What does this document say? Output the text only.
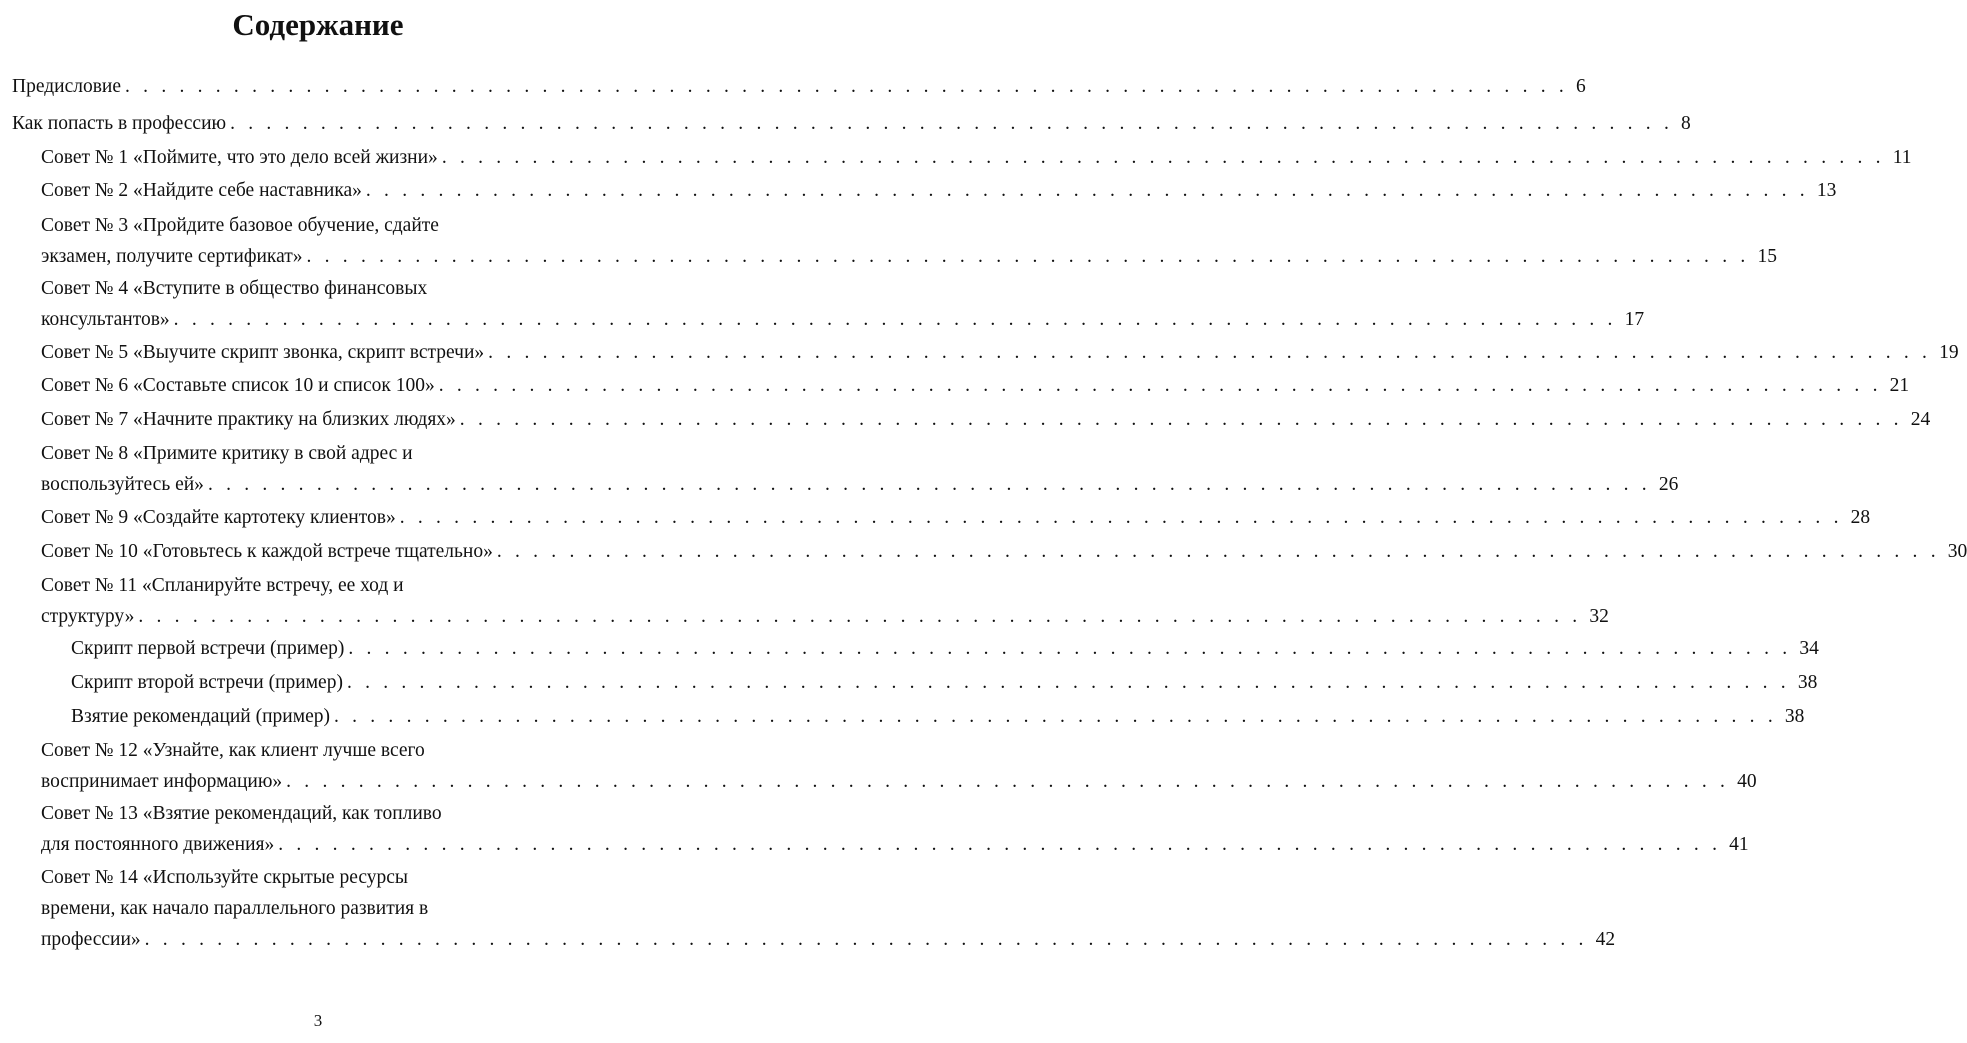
Содержание
Предисловие . . . . . . . . . . . . . . . . . . . . . . . . . . . . . . . . . . . . . . . . . . . . . . . . . . . . . . . . . . . . . . . . . . . . . . . . . . . . . . . . 6
Как попасть в профессию . . . . . . . . . . . . . . . . . . . . . . . . . . . . . . . . . . . . . . . . . . . . . . . . . . . . . . . . . . . . . . . . . . . . . . . . . . . . . . . . 8
Совет № 1 «Поймите, что это дело всей жизни» . . . . . . . . . . . . . . . . . . . . . . . . . . . . . . . . . . . . . . . . . . . . . . . . . . . . . . . . . . . . . . . . . . . . . . . . . . . . . . . . 11
Совет № 2 «Найдите себе наставника» . . . . . . . . . . . . . . . . . . . . . . . . . . . . . . . . . . . . . . . . . . . . . . . . . . . . . . . . . . . . . . . . . . . . . . . . . . . . . . . . 13
Совет № 3 «Пройдите базовое обучение, сдайте
экзамен, получите сертификат» . . . . . . . . . . . . . . . . . . . . . . . . . . . . . . . . . . . . . . . . . . . . . . . . . . . . . . . . . . . . . . . . . . . . . . . . . . . . . . . . 15
Совет № 4 «Вступите в общество финансовых
консультантов» . . . . . . . . . . . . . . . . . . . . . . . . . . . . . . . . . . . . . . . . . . . . . . . . . . . . . . . . . . . . . . . . . . . . . . . . . . . . . . . . 17
Совет № 5 «Выучите скрипт звонка, скрипт встречи» . . . . . . . . . . . . . . . . . . . . . . . . . . . . . . . . . . . . . . . . . . . . . . . . . . . . . . . . . . . . . . . . . . . . . . . . . . . . . . . . 19
Совет № 6 «Составьте список 10 и список 100» . . . . . . . . . . . . . . . . . . . . . . . . . . . . . . . . . . . . . . . . . . . . . . . . . . . . . . . . . . . . . . . . . . . . . . . . . . . . . . . . 21
Совет № 7 «Начните практику на близких людях» . . . . . . . . . . . . . . . . . . . . . . . . . . . . . . . . . . . . . . . . . . . . . . . . . . . . . . . . . . . . . . . . . . . . . . . . . . . . . . . . 24
Совет № 8 «Примите критику в свой адрес и
воспользуйтесь ей» . . . . . . . . . . . . . . . . . . . . . . . . . . . . . . . . . . . . . . . . . . . . . . . . . . . . . . . . . . . . . . . . . . . . . . . . . . . . . . . . 26
Совет № 9 «Создайте картотеку клиентов» . . . . . . . . . . . . . . . . . . . . . . . . . . . . . . . . . . . . . . . . . . . . . . . . . . . . . . . . . . . . . . . . . . . . . . . . . . . . . . . . 28
Совет № 10 «Готовьтесь к каждой встрече тщательно» . . . . . . . . . . . . . . . . . . . . . . . . . . . . . . . . . . . . . . . . . . . . . . . . . . . . . . . . . . . . . . . . . . . . . . . . . . . . . . . . 30
Совет № 11 «Спланируйте встречу, ее ход и
структуру» . . . . . . . . . . . . . . . . . . . . . . . . . . . . . . . . . . . . . . . . . . . . . . . . . . . . . . . . . . . . . . . . . . . . . . . . . . . . . . . . 32
Скрипт первой встречи (пример) . . . . . . . . . . . . . . . . . . . . . . . . . . . . . . . . . . . . . . . . . . . . . . . . . . . . . . . . . . . . . . . . . . . . . . . . . . . . . . . . 34
Скрипт второй встречи (пример) . . . . . . . . . . . . . . . . . . . . . . . . . . . . . . . . . . . . . . . . . . . . . . . . . . . . . . . . . . . . . . . . . . . . . . . . . . . . . . . . 38
Взятие рекомендаций (пример) . . . . . . . . . . . . . . . . . . . . . . . . . . . . . . . . . . . . . . . . . . . . . . . . . . . . . . . . . . . . . . . . . . . . . . . . . . . . . . . . 38
Совет № 12 «Узнайте, как клиент лучше всего
воспринимает информацию» . . . . . . . . . . . . . . . . . . . . . . . . . . . . . . . . . . . . . . . . . . . . . . . . . . . . . . . . . . . . . . . . . . . . . . . . . . . . . . . . 40
Совет № 13 «Взятие рекомендаций, как топливо
для постоянного движения» . . . . . . . . . . . . . . . . . . . . . . . . . . . . . . . . . . . . . . . . . . . . . . . . . . . . . . . . . . . . . . . . . . . . . . . . . . . . . . . . 41
Совет № 14 «Используйте скрытые ресурсы
времени, как начало параллельного развития в
профессии» . . . . . . . . . . . . . . . . . . . . . . . . . . . . . . . . . . . . . . . . . . . . . . . . . . . . . . . . . . . . . . . . . . . . . . . . . . . . . . . . 42
3
